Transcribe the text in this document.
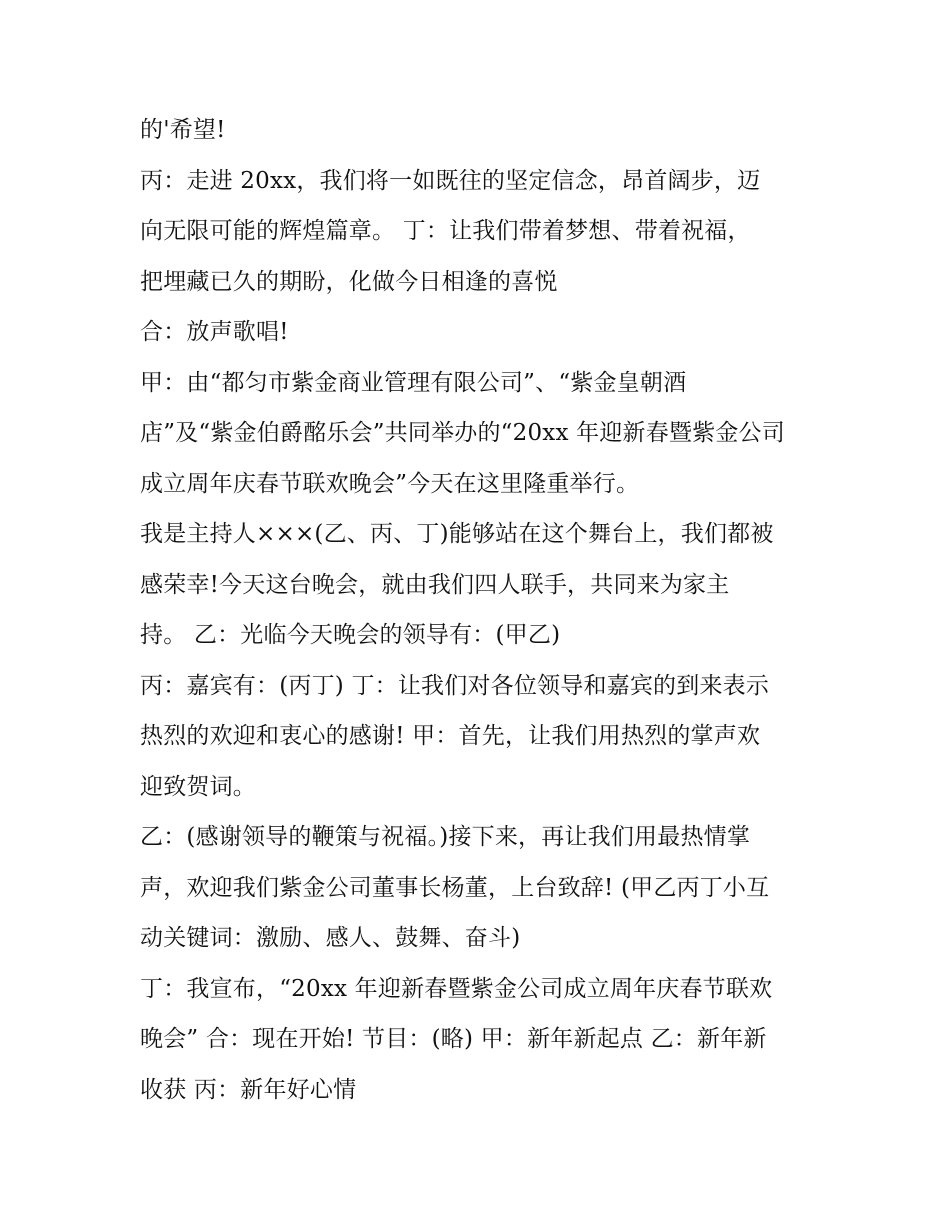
的'希望!
丙：走进 20xx，我们将一如既往的坚定信念，昂首阔步，迈
向无限可能的辉煌篇章。 丁：让我们带着梦想、带着祝福，
把埋藏已久的期盼，化做今日相逢的喜悦
合：放声歌唱!
甲：由“都匀市紫金商业管理有限公司”、“紫金皇朝酒
店”及“紫金伯爵酩乐会”共同举办的“20xx 年迎新春暨紫金公司
成立周年庆春节联欢晚会”今天在这里隆重举行。
我是主持人×××(乙、丙、丁)能够站在这个舞台上，我们都被
感荣幸!今天这台晚会，就由我们四人联手，共同来为家主
持。 乙：光临今天晚会的领导有：(甲乙)
丙：嘉宾有：(丙丁) 丁：让我们对各位领导和嘉宾的到来表示
热烈的欢迎和衷心的感谢! 甲：首先，让我们用热烈的掌声欢
迎致贺词。
乙：(感谢领导的鞭策与祝福。)接下来，再让我们用最热情掌
声，欢迎我们紫金公司董事长杨董，上台致辞! (甲乙丙丁小互
动关键词：激励、感人、鼓舞、奋斗)
丁：我宣布，“20xx 年迎新春暨紫金公司成立周年庆春节联欢
晚会” 合：现在开始! 节目：(略) 甲：新年新起点 乙：新年新
收获 丙：新年好心情
